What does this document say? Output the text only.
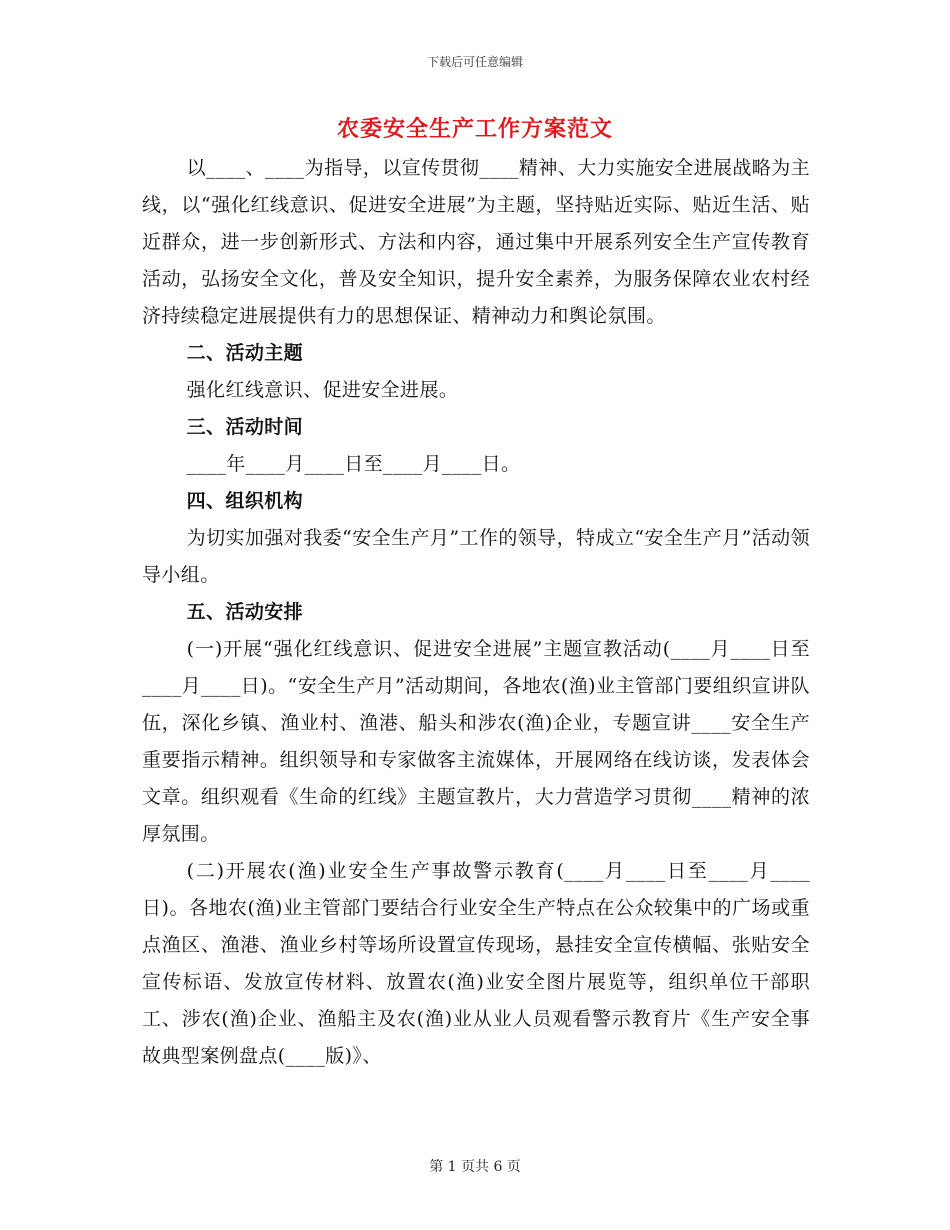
下载后可任意编辑
农委安全生产工作方案范文

以____、____为指导，以宣传贯彻____精神、大力实施安全进展战略为主线，以“强化红线意识、促进安全进展”为主题，坚持贴近实际、贴近生活、贴近群众，进一步创新形式、方法和内容，通过集中开展系列安全生产宣传教育活动，弘扬安全文化，普及安全知识，提升安全素养，为服务保障农业农村经济持续稳定进展提供有力的思想保证、精神动力和舆论氛围。

二、活动主题

强化红线意识、促进安全进展。

三、活动时间

____年____月____日至____月____日。

四、组织机构

为切实加强对我委“安全生产月”工作的领导，特成立“安全生产月”活动领导小组。

五、活动安排

(一)开展“强化红线意识、促进安全进展”主题宣教活动(____月____日至____月____日)。“安全生产月”活动期间，各地农(渔)业主管部门要组织宣讲队伍，深化乡镇、渔业村、渔港、船头和涉农(渔)企业，专题宣讲____安全生产重要指示精神。组织领导和专家做客主流媒体，开展网络在线访谈，发表体会文章。组织观看《生命的红线》主题宣教片，大力营造学习贯彻____精神的浓厚氛围。

(二)开展农(渔)业安全生产事故警示教育(____月____日至____月____日)。各地农(渔)业主管部门要结合行业安全生产特点在公众较集中的广场或重点渔区、渔港、渔业乡村等场所设置宣传现场，悬挂安全宣传横幅、张贴安全宣传标语、发放宣传材料、放置农(渔)业安全图片展览等，组织单位干部职工、涉农(渔)企业、渔船主及农(渔)业从业人员观看警示教育片《生产安全事故典型案例盘点(____版)》、

第 1 页共 6 页
